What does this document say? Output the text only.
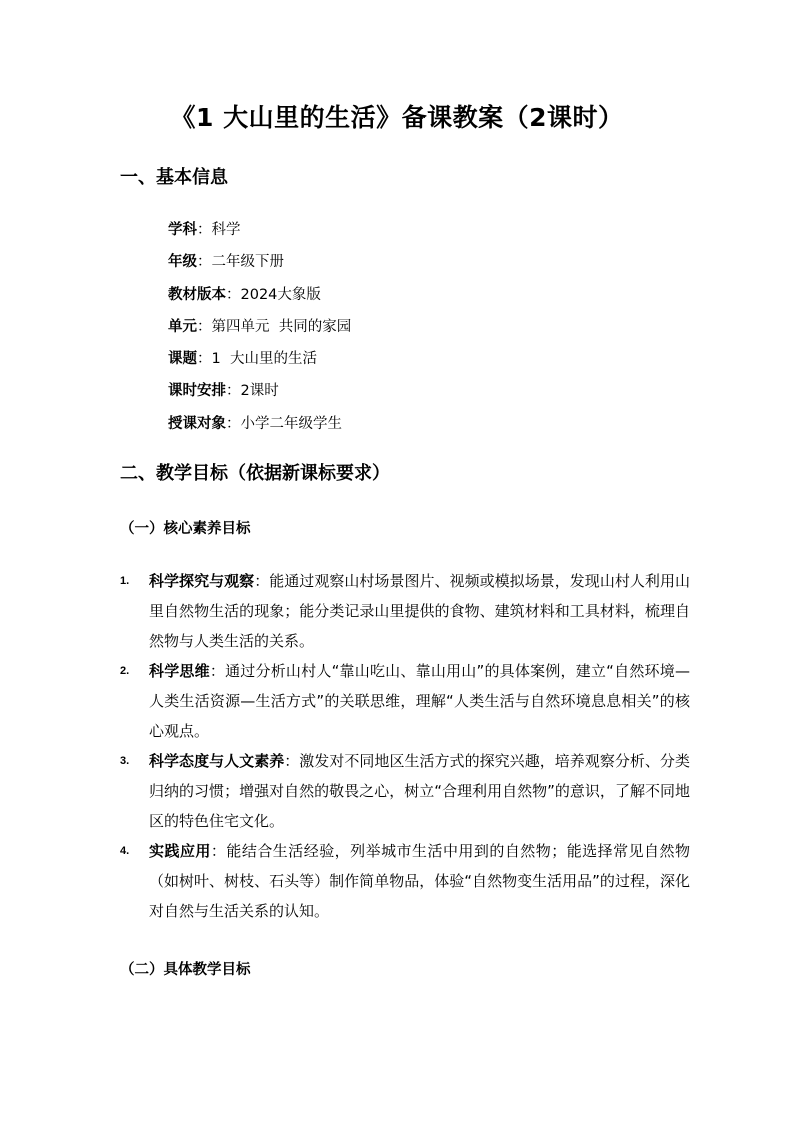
《1 大山里的生活》备课教案（2课时）
一、基本信息
学科：科学
年级：二年级下册
教材版本：2024大象版
单元：第四单元  共同的家园
课题：1  大山里的生活
课时安排：2课时
授课对象：小学二年级学生
二、教学目标（依据新课标要求）
（一）核心素养目标
1. 科学探究与观察：能通过观察山村场景图片、视频或模拟场景，发现山村人利用山里自然物生活的现象；能分类记录山里提供的食物、建筑材料和工具材料，梳理自然物与人类生活的关系。
2. 科学思维：通过分析山村人“靠山吃山、靠山用山”的具体案例，建立“自然环境—人类生活资源—生活方式”的关联思维，理解“人类生活与自然环境息息相关”的核心观点。
3. 科学态度与人文素养：激发对不同地区生活方式的探究兴趣，培养观察分析、分类归纳的习惯；增强对自然的敬畏之心，树立“合理利用自然物”的意识，了解不同地区的特色住宅文化。
4. 实践应用：能结合生活经验，列举城市生活中用到的自然物；能选择常见自然物（如树叶、树枝、石头等）制作简单物品，体验“自然物变生活用品”的过程，深化对自然与生活关系的认知。
（二）具体教学目标
